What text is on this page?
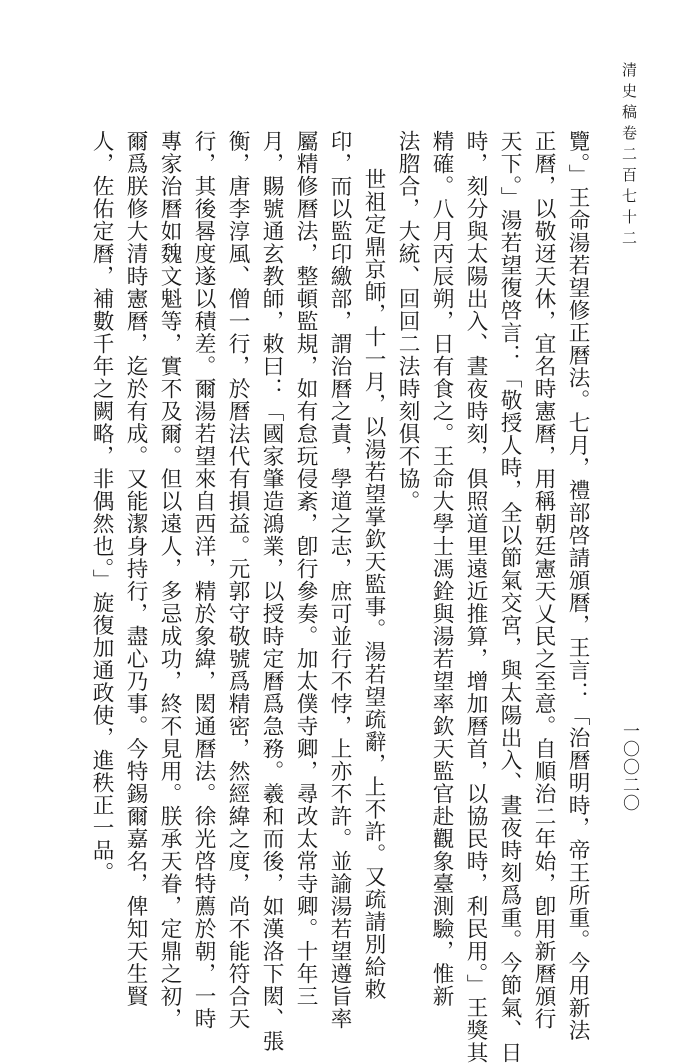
清史稿卷二百七十二
一〇〇二〇
覽。」王命湯若望修正曆法。七月，禮部啓請頒曆，王言：「治曆明時，帝王所重。今用新法
正曆，以敬迓天休，宜名時憲曆，用稱朝廷憲天乂民之至意。自順治二年始，卽用新曆頒行
天下。」湯若望復啓言：「敬授人時，全以節氣交宮，與太陽出入、晝夜時刻爲重。今節氣、日
時，刻分與太陽出入、晝夜時刻，俱照道里遠近推算，增加曆首，以協民時，利民用。」王獎其
精確。八月丙辰朔，日有食之。王命大學士馮銓與湯若望率欽天監官赴觀象臺測驗，惟新
法脗合，大統、回回二法時刻俱不協。
世祖定鼎京師，十一月，以湯若望掌欽天監事。湯若望疏辭，上不許。又疏請別給敕
印，而以監印繳部，謂治曆之責，學道之志，庶可並行不悖，上亦不許。並諭湯若望遵旨率
屬精修曆法，整頓監規，如有怠玩侵紊，卽行參奏。加太僕寺卿，尋改太常寺卿。十年三
月，賜號通玄教師，敕曰：「國家肇造鴻業，以授時定曆爲急務。羲和而後，如漢洛下閎、張
衡，唐李淳風、僧一行，於曆法代有損益。元郭守敬號爲精密，然經緯之度，尚不能符合天
行，其後晷度遂以積差。爾湯若望來自西洋，精於象緯，閎通曆法。徐光啓特薦於朝，一時
專家治曆如魏文魁等，實不及爾。但以遠人，多忌成功，終不見用。朕承天眷，定鼎之初，
爾爲朕修大清時憲曆，迄於有成。又能潔身持行，盡心乃事。今特錫爾嘉名，俾知天生賢
人，佐佑定曆，補數千年之闕略，非偶然也。」旋復加通政使，進秩正一品。
